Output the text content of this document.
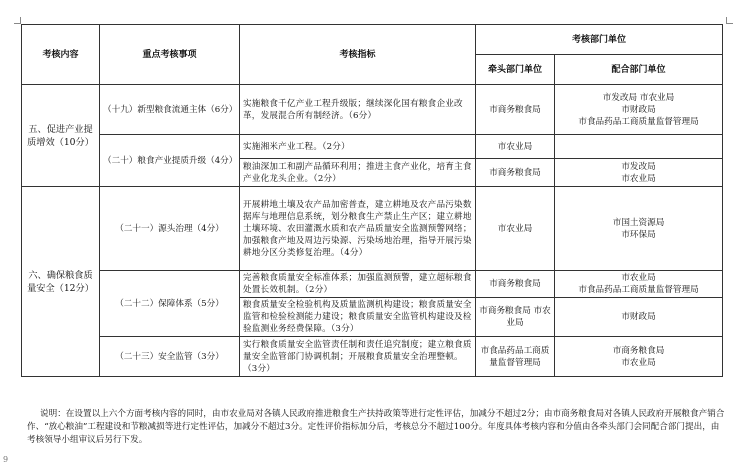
考核内容	重点考核事项	考核指标	考核部门单位	
			牵头部门单位	配合部门单位
五、促进产业提质增效（10分）	（十九）新型粮食流通主体（6分）	实施粮食千亿产业工程升级版；继续深化国有粮食企业改革，发展混合所有制经济。（6分）	市商务粮食局	市发改局 市农业局
市财政局
市食品药品工商质量监督管理局

	（二十）粮食产业提质升级（4分）	实施湘米产业工程。（2分）	市农业局	
		粮油深加工和副产品循环利用；推进主食产业化，培育主食产业化龙头企业。（2分）	市商务粮食局	市发改局
市农业局

六、确保粮食质量安全（12分）	（二十一）源头治理（4分）	开展耕地土壤及农产品加密普查，建立耕地及农产品污染数据库与地理信息系统，划分粮食生产禁止生产区；建立耕地土壤环境、农田灌溉水质和农产品质量安全监测预警网络；加强粮食产地及周边污染源、污染场地治理，指导开展污染耕地分区分类修复治理。（4分）	市农业局	市国土资源局
市环保局

	（二十二）保障体系（5分）	完善粮食质量安全标准体系；加强监测预警，建立超标粮食处置长效机制。（2分）	市商务粮食局	市农业局
市食品药品工商质量监督管理局

		粮食质量安全检验机构及质量监测机构建设；粮食质量安全监管和检验检测能力建设；粮食质量安全监管机构建设及检验监测业务经费保障。（3分）	市商务粮食局 市农业局	市财政局

	（二十三）安全监管（3分）	实行粮食质量安全监管责任制和责任追究制度；建立粮食质量安全监管部门协调机制；开展粮食质量安全治理整顿。（3分）	市食品药品工商质量监督管理局	市商务粮食局
市农业局
说明：在设置以上六个方面考核内容的同时，由市农业局对各镇人民政府推进粮食生产扶持政策等进行定性评估，加减分不超过2分；由市商务粮食局对各镇人民政府开展粮食产销合作、“放心粮油”工程建设和节粮减损等进行定性评估，加减分不超过3分。定性评价指标加分后，考核总分不超过100分。年度具体考核内容和分值由各牵头部门会同配合部门提出，由考核领导小组审议后另行下发。
9
